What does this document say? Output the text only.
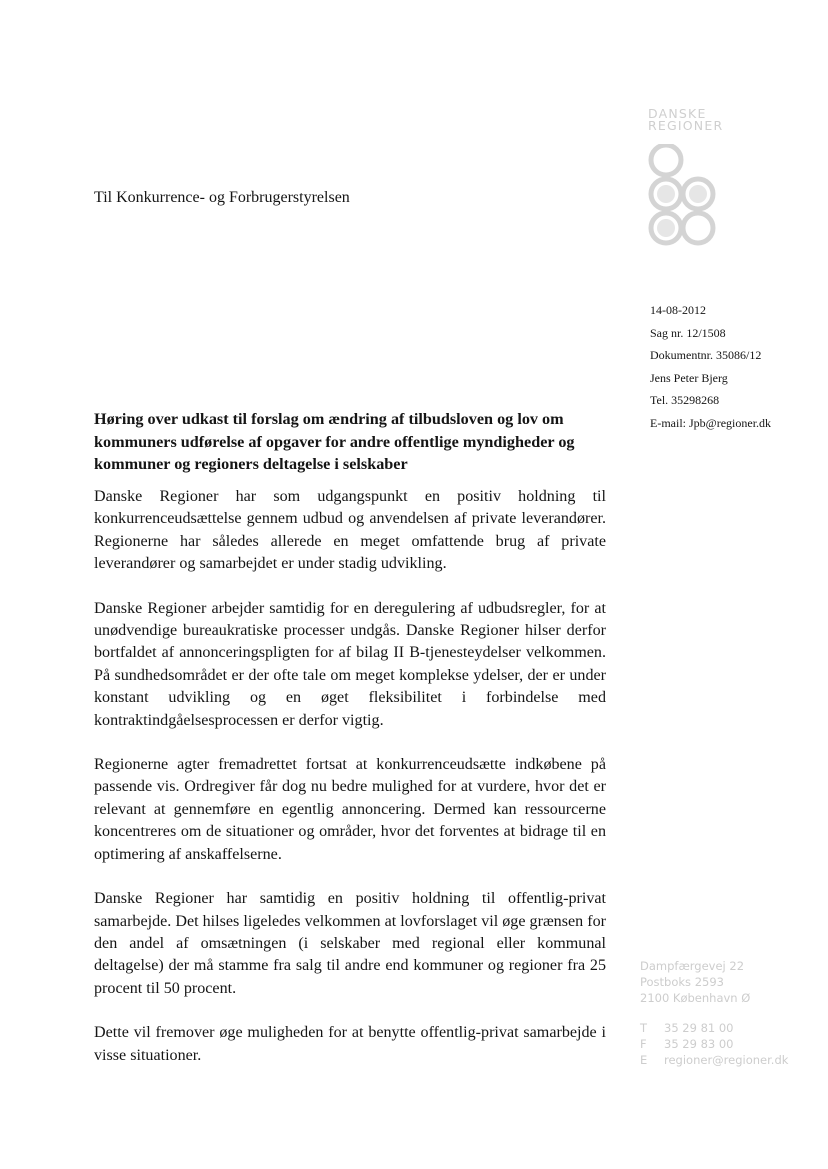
DANSKE
REGIONER
Til Konkurrence- og Forbrugerstyrelsen
14-08-2012
Sag nr. 12/1508
Dokumentnr. 35086/12
Jens Peter Bjerg
Tel. 35298268
E-mail: Jpb@regioner.dk
Høring over udkast til forslag om ændring af tilbudsloven og lov om kommuners udførelse af opgaver for andre offentlige myndigheder og kommuner og regioners deltagelse i selskaber

Danske Regioner har som udgangspunkt en positiv holdning til konkurrenceudsættelse gennem udbud og anvendelsen af private leverandører. Regionerne har således allerede en meget omfattende brug af private leverandører og samarbejdet er under stadig udvikling.

Danske Regioner arbejder samtidig for en deregulering af udbudsregler, for at unødvendige bureaukratiske processer undgås. Danske Regioner hilser derfor bortfaldet af annonceringspligten for af bilag II B-tjenesteydelser velkommen. På sundhedsområdet er der ofte tale om meget komplekse ydelser, der er under konstant udvikling og en øget fleksibilitet i forbindelse med kontraktindgåelsesprocessen er derfor vigtig.

Regionerne agter fremadrettet fortsat at konkurrenceudsætte indkøbene på passende vis. Ordregiver får dog nu bedre mulighed for at vurdere, hvor det er relevant at gennemføre en egentlig annoncering. Dermed kan ressourcerne koncentreres om de situationer og områder, hvor det forventes at bidrage til en optimering af anskaffelserne.

Danske Regioner har samtidig en positiv holdning til offentlig-privat samarbejde. Det hilses ligeledes velkommen at lovforslaget vil øge grænsen for den andel af omsætningen (i selskaber med regional eller kommunal deltagelse) der må stamme fra salg til andre end kommuner og regioner fra 25 procent til 50 procent.

Dette vil fremover øge muligheden for at benytte offentlig-privat samarbejde i visse situationer.

Dampfærgevej 22
Postboks 2593
2100 København Ø
T 35 29 81 00
F 35 29 83 00
E regioner@regioner.dk
